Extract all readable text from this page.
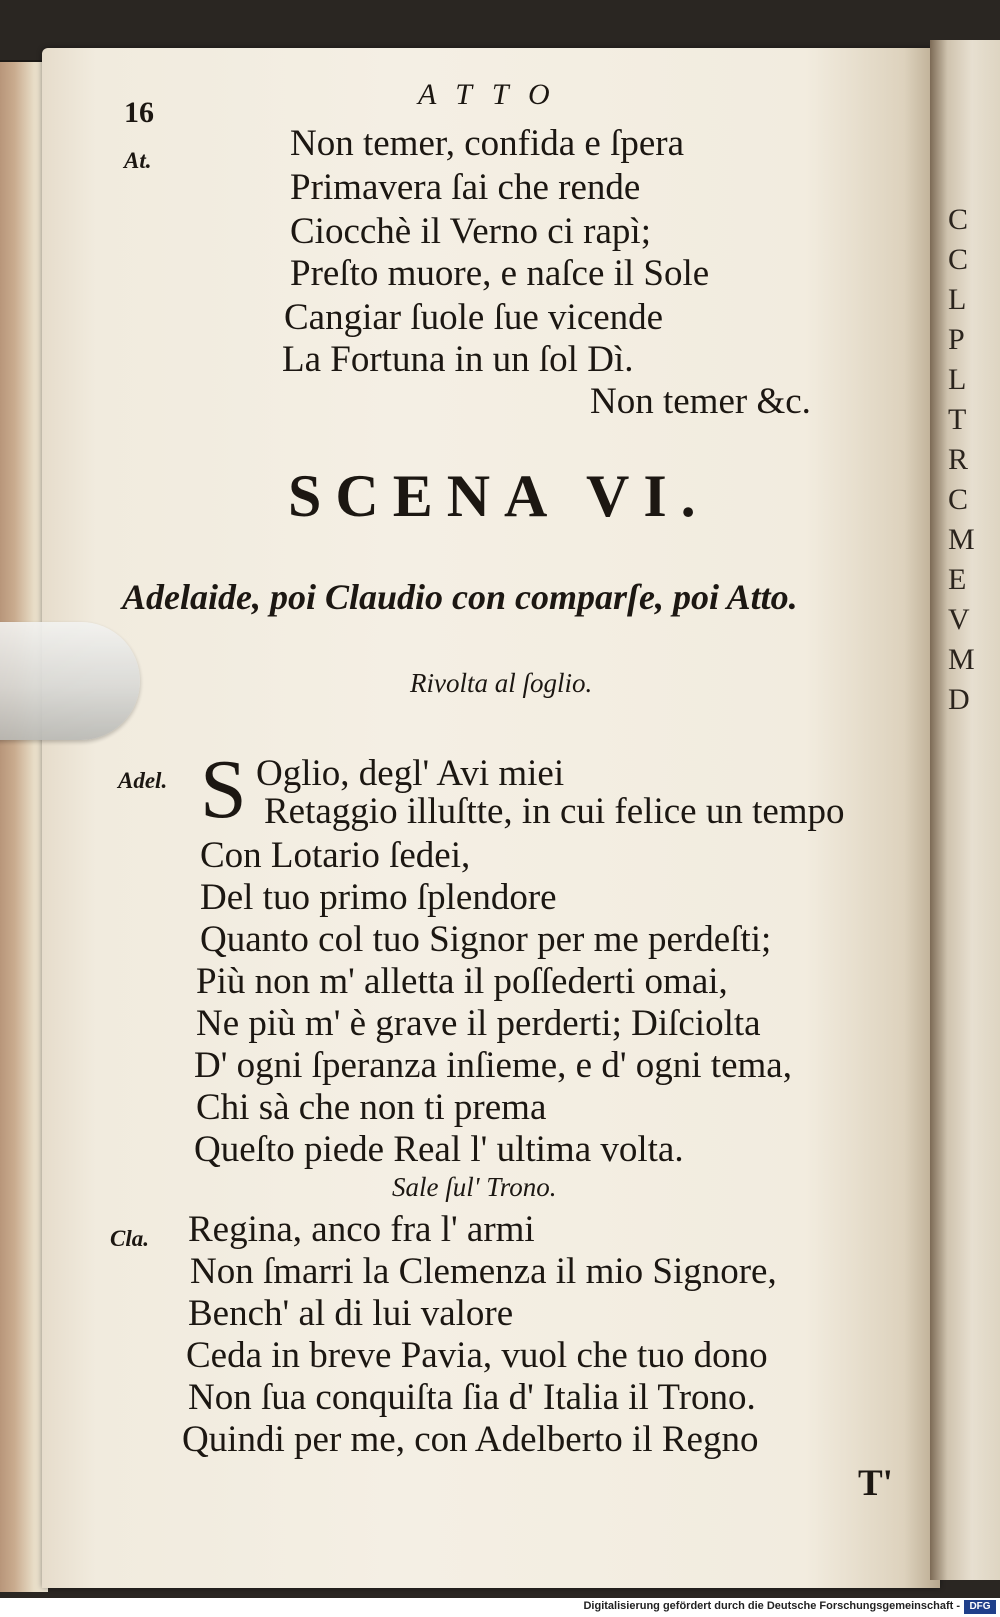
C
C
L
P
L
T
R
C
M
E
V
M
D
16
ATTO
At.	Non temer, confida e ſpera
Primavera ſai che rende
Ciocchè il Verno ci rapì;
Preſto muore, e naſce il Sole
Cangiar ſuole ſue vicende
La Fortuna in un ſol Dì.
Non temer &c.
SCENA VI.
Adelaide, poi Claudio con comparſe, poi Atto.
Rivolta al ſoglio.
Adel. S Oglio, degl' Avi miei
Retaggio illuſtte, in cui felice un tempo
Con Lotario ſedei,
Del tuo primo ſplendore
Quanto col tuo Signor per me perdeſti;
Più non m' alletta il poſſederti omai,
Ne più m' è grave il perderti; Diſciolta
D' ogni ſperanza inſieme, e d' ogni tema,
Chi sà che non ti prema
Queſto piede Real l' ultima volta.
Sale ſul' Trono.
Cla. Regina, anco fra l' armi
Non ſmarri la Clemenza il mio Signore,
Bench' al di lui valore
Ceda in breve Pavia, vuol che tuo dono
Non ſua conquiſta ſia d' Italia il Trono.
Quindi per me, con Adelberto il Regno
T'
Digitalisierung gefördert durch die Deutsche Forschungsgemeinschaft - DFG
